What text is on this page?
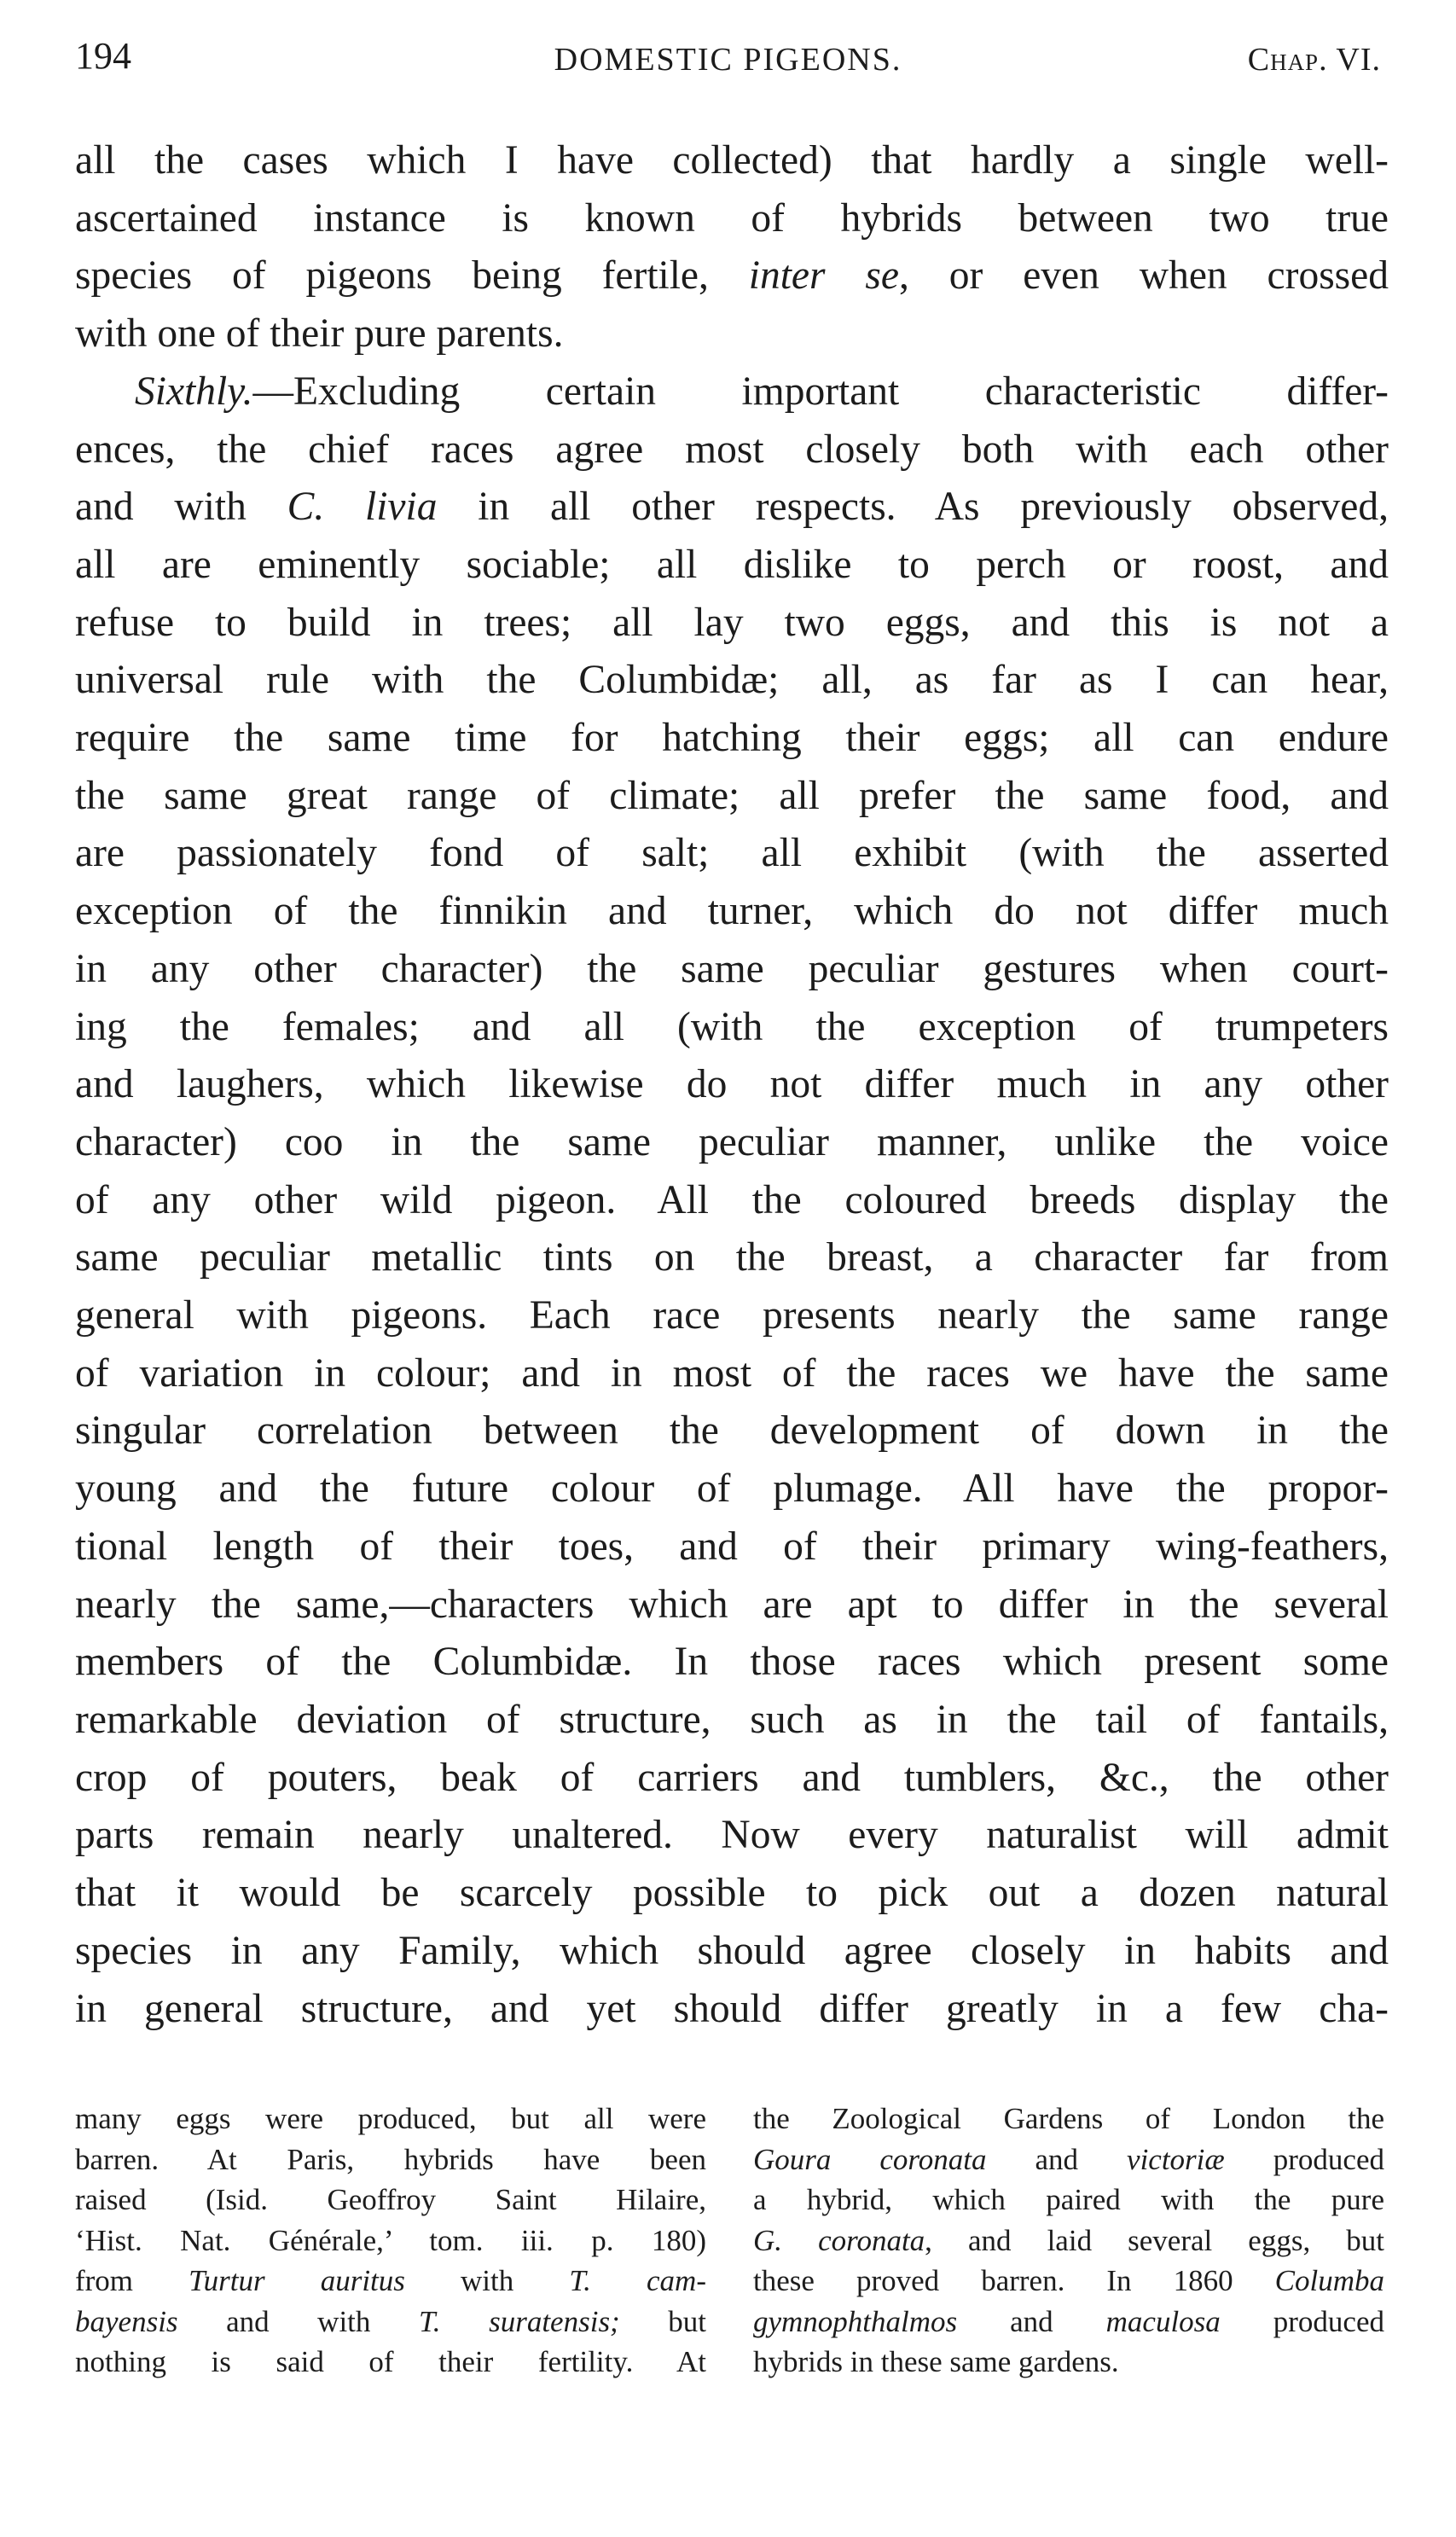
194	DOMESTIC PIGEONS.	Chap. VI.
all the cases which I have collected) that hardly a single well-
ascertained instance is known of hybrids between two true
species of pigeons being fertile, inter se, or even when crossed
with one of their pure parents.
Sixthly.—Excluding certain important characteristic differ-
ences, the chief races agree most closely both with each other
and with C. livia in all other respects. As previously observed,
all are eminently sociable; all dislike to perch or roost, and
refuse to build in trees; all lay two eggs, and this is not a
universal rule with the Columbidæ; all, as far as I can hear,
require the same time for hatching their eggs; all can endure
the same great range of climate; all prefer the same food, and
are passionately fond of salt; all exhibit (with the asserted
exception of the finnikin and turner, which do not differ much
in any other character) the same peculiar gestures when court-
ing the females; and all (with the exception of trumpeters
and laughers, which likewise do not differ much in any other
character) coo in the same peculiar manner, unlike the voice
of any other wild pigeon. All the coloured breeds display the
same peculiar metallic tints on the breast, a character far from
general with pigeons. Each race presents nearly the same range
of variation in colour; and in most of the races we have the same
singular correlation between the development of down in the
young and the future colour of plumage. All have the propor-
tional length of their toes, and of their primary wing-feathers,
nearly the same,—characters which are apt to differ in the several
members of the Columbidæ. In those races which present some
remarkable deviation of structure, such as in the tail of fantails,
crop of pouters, beak of carriers and tumblers, &c., the other
parts remain nearly unaltered. Now every naturalist will admit
that it would be scarcely possible to pick out a dozen natural
species in any Family, which should agree closely in habits and
in general structure, and yet should differ greatly in a few cha-
many eggs were produced, but all were
barren. At Paris, hybrids have been
raised (Isid. Geoffroy Saint Hilaire,
‘Hist. Nat. Générale,’ tom. iii. p. 180)
from Turtur auritus with T. cam-
bayensis and with T. suratensis; but
nothing is said of their fertility. At
the Zoological Gardens of London the
Goura coronata and victoriæ produced
a hybrid, which paired with the pure
G. coronata, and laid several eggs, but
these proved barren. In 1860 Columba
gymnophthalmos and maculosa produced
hybrids in these same gardens.
